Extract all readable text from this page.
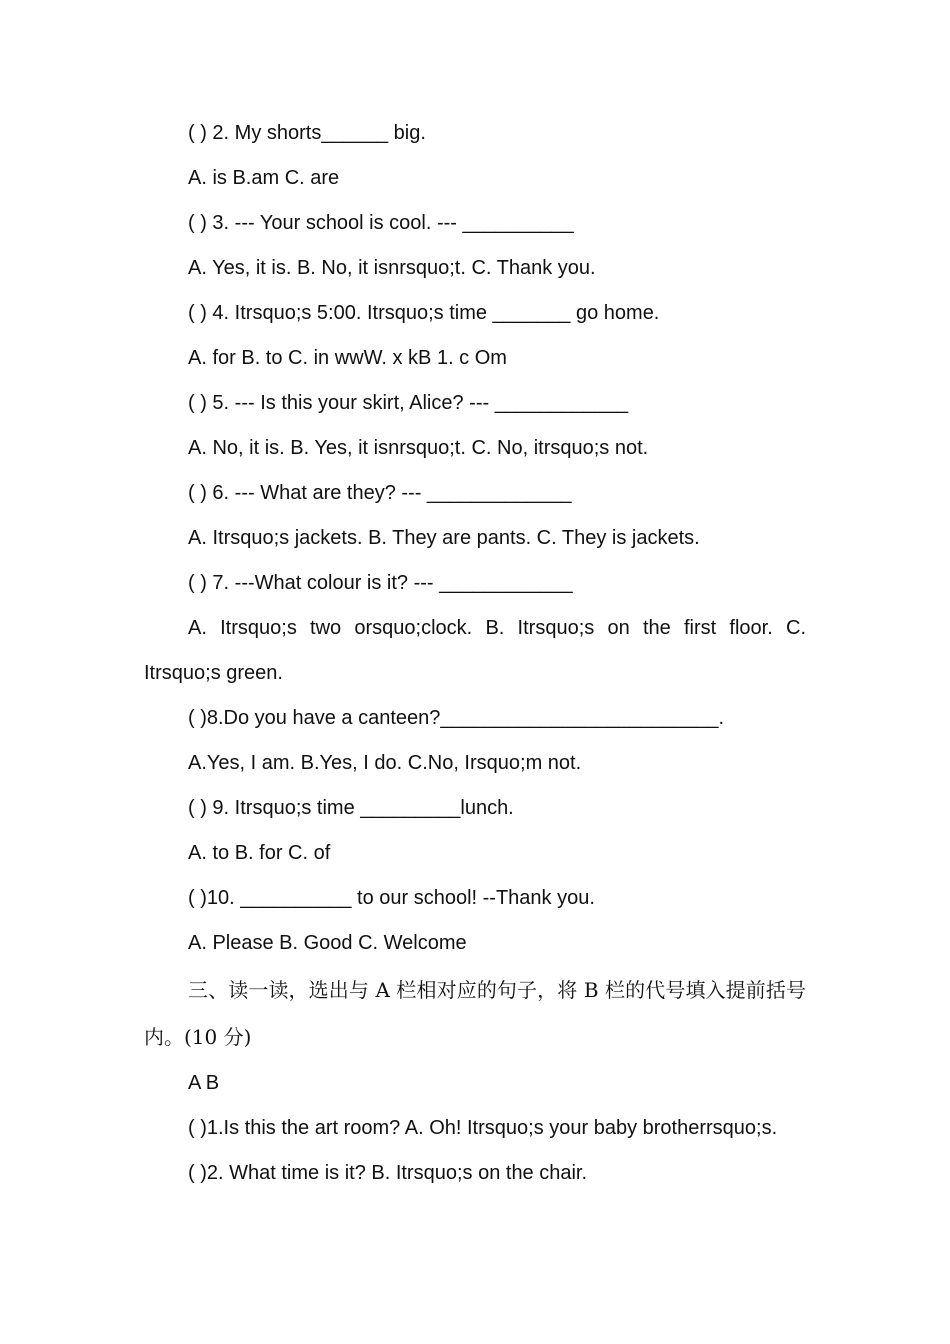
( ) 2. My shorts______ big.
A. is B.am C. are
( ) 3. --- Your school is cool. --- __________
A. Yes, it is. B. No, it isnrsquo;t. C. Thank you.
( ) 4. Itrsquo;s 5:00. Itrsquo;s time _______ go home.
A. for B. to C. in wwW. x kB 1. c Om
( ) 5. --- Is this your skirt, Alice? --- ____________
A. No, it is. B. Yes, it isnrsquo;t. C. No, itrsquo;s not.
( ) 6. --- What are they? --- _____________
A. Itrsquo;s jackets. B. They are pants. C. They is jackets.
( ) 7. ---What colour is it? --- ____________
A. Itrsquo;s two orsquo;clock. B. Itrsquo;s on the first floor. C. Itrsquo;s green.
( )8.Do you have a canteen?_________________________.
A.Yes, I am. B.Yes, I do. C.No, Irsquo;m not.
( ) 9. Itrsquo;s time _________lunch.
A. to B. for C. of
( )10. __________ to our school! --Thank you.
A. Please B. Good C. Welcome
三、读一读，选出与 A 栏相对应的句子，将 B 栏的代号填入提前括号内。(10 分)
A B
( )1.Is this the art room? A. Oh! Itrsquo;s your baby brotherrsquo;s.
( )2. What time is it? B. Itrsquo;s on the chair.
